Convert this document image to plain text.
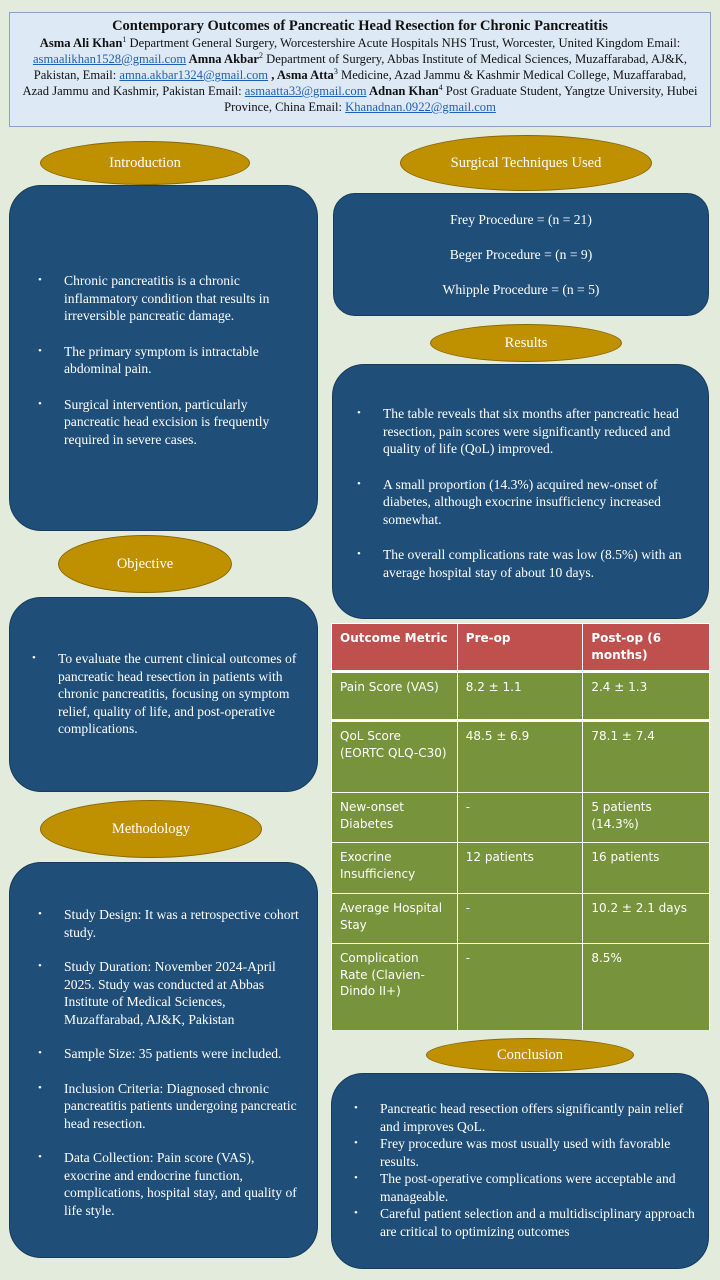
Contemporary Outcomes of Pancreatic Head Resection for Chronic Pancreatitis
Asma Ali Khan$^1$ Department General Surgery, Worcestershire Acute Hospitals NHS Trust, Worcester, United Kingdom Email: asmaalikhan1528@gmail.com Amna Akbar$^2$ Department of Surgery, Abbas Institute of Medical Sciences, Muzaffarabad, AJ&K, Pakistan, Email: amna.akbar1324@gmail.com , Asma Atta$^3$ Medicine, Azad Jammu & Kashmir Medical College, Muzaffarabad, Azad Jammu and Kashmir, Pakistan Email: asmaatta33@gmail.com Adnan Khan$^4$ Post Graduate Student, Yangtze University, Hubei Province, China Email: Khanadnan.0922@gmail.com
• Chronic pancreatitis is a chronic inflammatory condition that results in irreversible pancreatic damage.
• The primary symptom is intractable abdominal pain.
• Surgical intervention, particularly pancreatic head excision is frequently required in severe cases.
Introduction
Objective
• To evaluate the current clinical outcomes of pancreatic head resection in patients with chronic pancreatitis, focusing on symptom relief, quality of life, and post-operative complications.
Methodology
• Study Design: It was a retrospective cohort study.
• Study Duration: November 2024-April 2025. Study was conducted at Abbas Institute of Medical Sciences, Muzaffarabad, AJ&K, Pakistan
• Sample Size: 35 patients were included.
• Inclusion Criteria: Diagnosed chronic pancreatitis patients undergoing pancreatic head resection.
• Data Collection: Pain score (VAS), exocrine and endocrine function, complications, hospital stay, and quality of life style.
Surgical Techniques Used
Frey Procedure = (n = 21)
Beger Procedure = (n = 9)
Whipple Procedure = (n = 5)
Results
• The table reveals that six months after pancreatic head resection, pain scores were significantly reduced and quality of life (QoL) improved.
• A small proportion (14.3%) acquired new-onset of diabetes, although exocrine insufficiency increased somewhat.
• The overall complications rate was low (8.5%) with an average hospital stay of about 10 days.
Outcome Metric	Pre-op	Post-op (6 months)
Pain Score (VAS)	8.2 ± 1.1	2.4 ± 1.3
QoL Score (EORTC QLQ-C30)	48.5 ± 6.9	78.1 ± 7.4
New-onset Diabetes	-	5 patients (14.3%)
Exocrine Insufficiency	12 patients	16 patients
Average Hospital Stay	-	10.2 ± 2.1 days
Complication Rate (Clavien-Dindo II+)	-	8.5%
• Pancreatic head resection offers significantly pain relief and improves QoL.
• Frey procedure was most usually used with favorable results.
• The post-operative complications were acceptable and manageable.
• Careful patient selection and a multidisciplinary approach are critical to optimizing outcomes
Conclusion
